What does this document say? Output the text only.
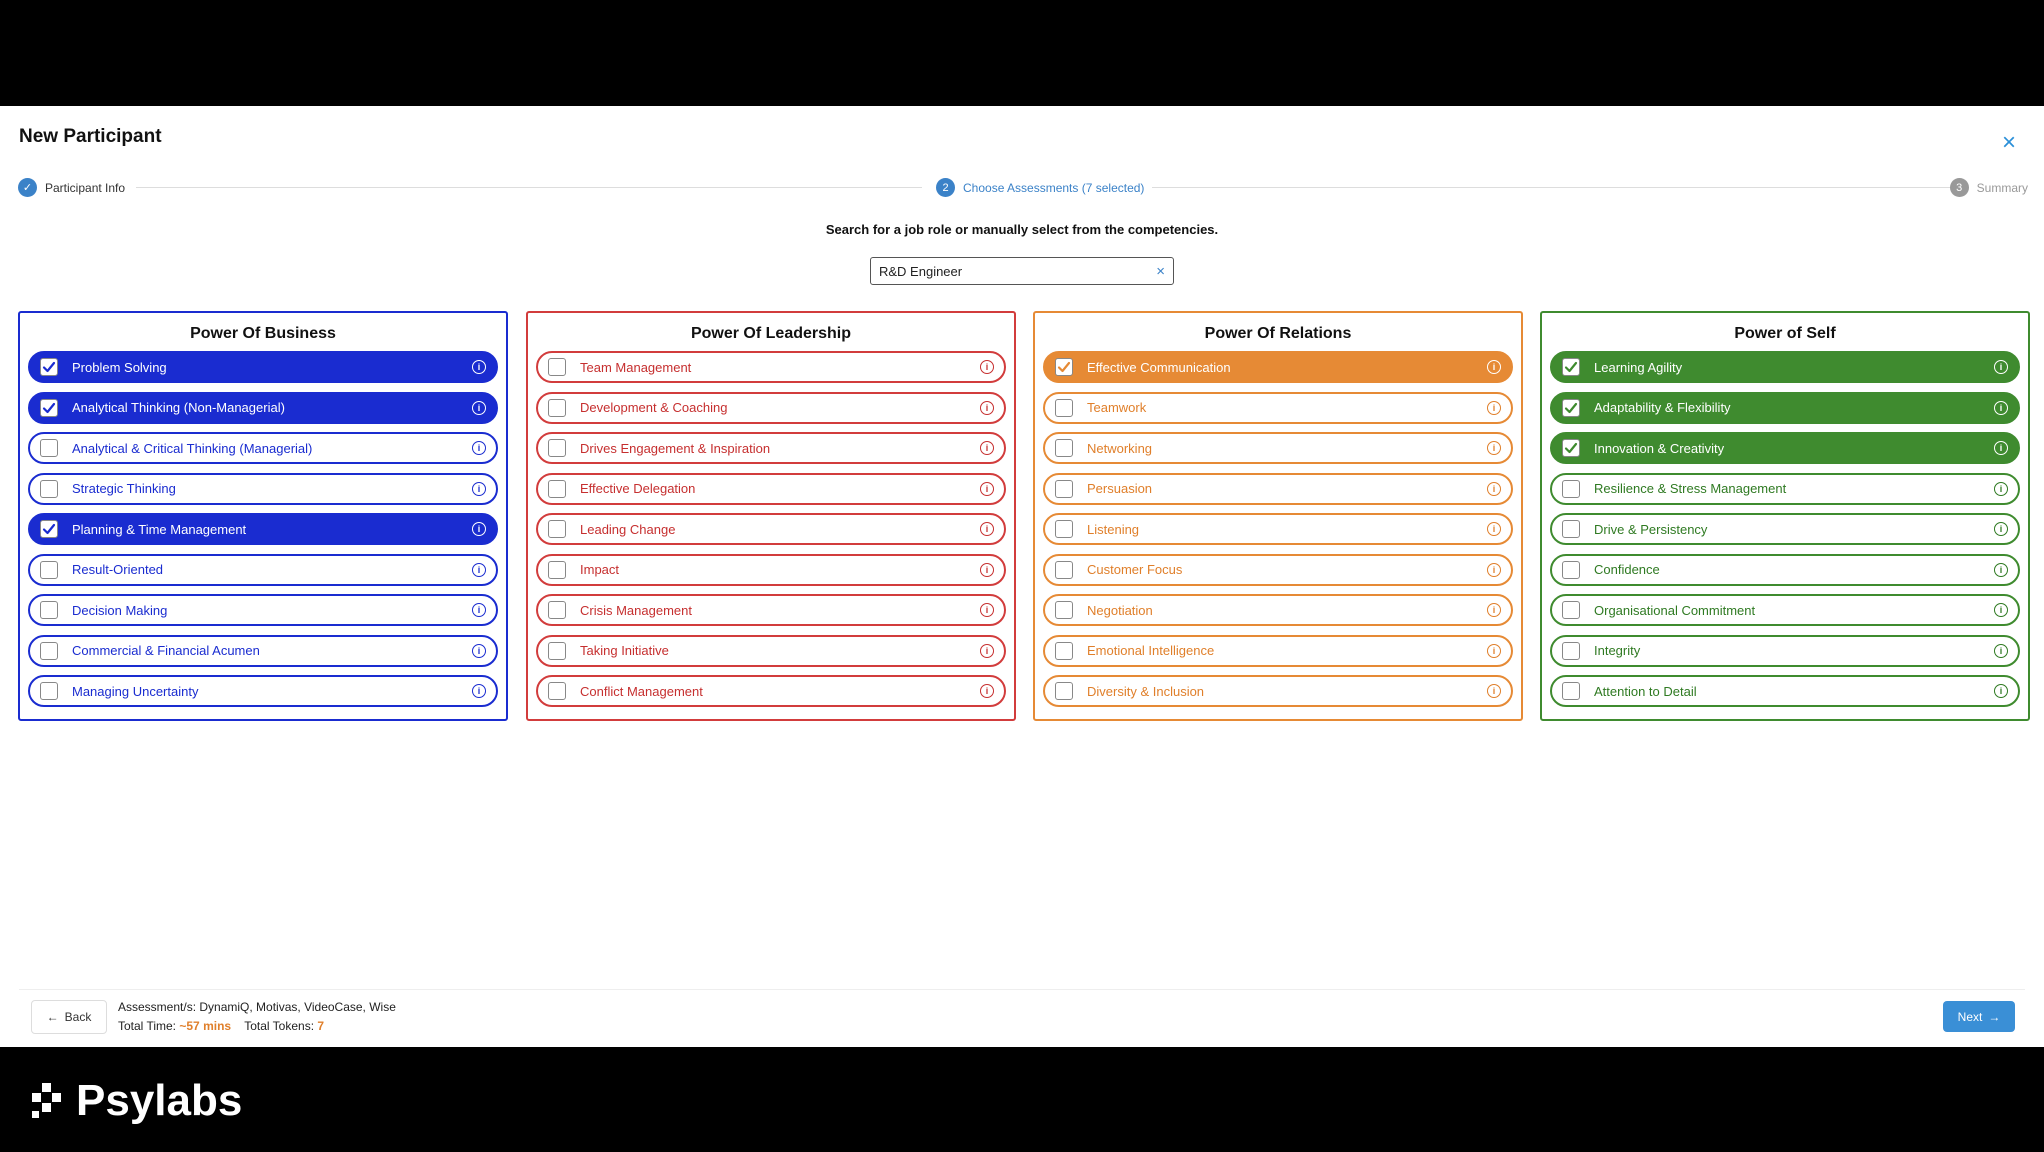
New Participant	×
✓	Participant Info	2	Choose Assessments (7 selected)	3	Summary
Search for a job role or manually select from the competencies.
R&D Engineer	×
Power Of Business
Problem Solving	i
Analytical Thinking (Non-Managerial)	i
Analytical & Critical Thinking (Managerial)	i
Strategic Thinking	i
Planning & Time Management	i
Result-Oriented	i
Decision Making	i
Commercial & Financial Acumen	i
Managing Uncertainty	i
Power Of Leadership
Team Management	i
Development & Coaching	i
Drives Engagement & Inspiration	i
Effective Delegation	i
Leading Change	i
Impact	i
Crisis Management	i
Taking Initiative	i
Conflict Management	i
Power Of Relations
Effective Communication	i
Teamwork	i
Networking	i
Persuasion	i
Listening	i
Customer Focus	i
Negotiation	i
Emotional Intelligence	i
Diversity & Inclusion	i
Power of Self
Learning Agility	i
Adaptability & Flexibility	i
Innovation & Creativity	i
Resilience & Stress Management	i
Drive & Persistency	i
Confidence	i
Organisational Commitment	i
Integrity	i
Attention to Detail	i
← Back
Assessment/s: DynamiQ, Motivas, VideoCase, Wise
Total Time: ~57 mins Total Tokens: 7
Next →
Psylabs
